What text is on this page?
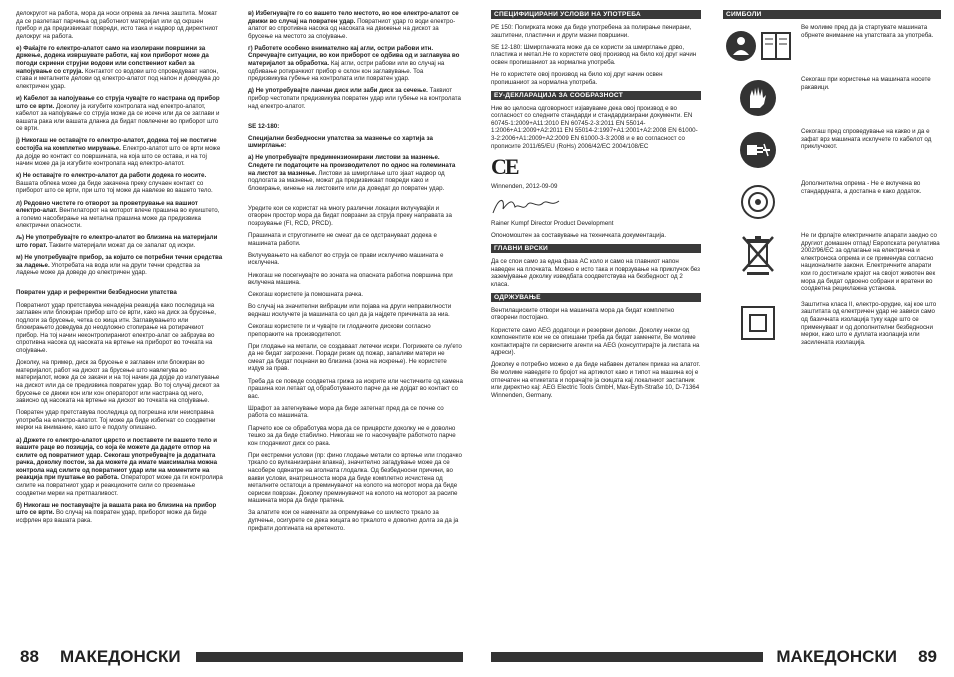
делокругот на работа, мора да носи опрема за лична заштита. Можат да се разлетаат парчиња од работниот материјал или од скршен прибор и да предизвикаат повреди, исто така и надвор од директниот делокруг на работа.

e) Фаќајте го електро-алатот само на изолирани површини за држење, додека извршувате работи, кај кои приборот може да погоди скриени струјни водови или сопствениот кабел за напојување со струја. Контактот со водови што спроведуваат напон, ставa и металните делови од електро-алатот под напон и доведува до електричен удар.

и) Кабелот за напојување со струја чувајте го настрана од прибор што се врти. Доколку ја изгубите контролата над електро-алатот, кабелот за напојување со струја може да се исече или да се заглави и вашата рака или вашата дланка да бидат повлечени во приборот што се врти.

ј) Никогаш не оставајте го електро-алатот, додека тој не постигне состојба на комплетно мирување. Електро-алатот што се врти може да дојде во контакт со површината, на која што се оставa, и на тој начин може да ја изгубите контролата над електро-алатот.

к) Не оставајте го електро-алатот да работи додека го носите. Вашата облека може да биде закачена преку случаен контакт со приборот што се врти, при што тој може да навлезе во вашето тело.

л) Редовно чистете го отворот за проветрување на вашиот електро-алат. Вентилаторот на моторот влече прашина во кукиштето, а големо насобирање на метална прашина може да предизвика електрични опасности.

љ) Не употребувајте го електро-алатот во близина на материјали што горат. Таквите материјали можат да се запалат од искри.

м) Не употребувајте прибор, за којшто се потребни течни средства за ладење. Употребата на вода или на други течни средства за ладење може да доведе до електричен удар.

Повратен удар и референтни безбедносни упатства

Повратниот удар претставува ненадејна реакција како последица на заглавен или блокиран прибор што се врти, како на диск за брусење, подлоги за брусење, четка со жица итн. Заглавувањето или блокирањето доведува до неодложно стопирање на ротирачкиот прибор. На тој начин неконтролираниот електро-алат се забрзува во спротивна насока од насоката на вртење на приборот во точката на спојување.

Доколку, на пример, диск за брусење е заглавен или блокиран во материјалот, работ на дискот за брусење што навлегува во материјалот, може да се закачи и на тој начин да дојде до излетување на дискот или да се предизвика повратен удар. Во тој случај дискот за брусење се движи кон или кон операторот или настрана од него, зависно од насоката на вртење на дискот во точката на спојување.

Повратен удар претставува последица од погрешна или неисправна употреба на електро-алатот. Тој може да биде избегнат со соодветни мерки на внимание, како што е подолу опишано.

а) Држете го електро-алатот цврсто и поставете ги вашето тело и вашите раце во позиција, со која ќе можете да дадете отпор на силите од повратниот удар. Секогаш употребувајте ја додатната рачка, доколку постои, за да можете да имате максимална можна контрола над силите од повратниот удар или на моментите на реакција при пуштање во работа. Операторот може да ги контролира силите на повратниот удар и реакционите сили со преземање соодветни мерки на претпазливост.

б) Никогаш не поставувајте ја вашата рака во близина на прибор што се врти. Во случај на повратен удар, приборот може да биде исфрлен врз вашата рака.

в) Избегнувајте го со вашето тело местото, во кое електро-алатот се движи во случај на повратен удар. Повратниот удар го води електро-алатот во спротивна насока од насоката на движење на дискот за брусење на местото за спојување.

г) Работете особено внимателно кај агли, остри рабови итн. Спречувајте ситуации, во кои приборот се одбива од и заглавува во материјалот за обработка. Кај агли, остри рабови или во случај на одбивање ротирачкиот прибор е склон кон заглавување. Тоа предизвикува губење на контролата или повратен удар.

д) Не употребувајте ланчан диск или заби диск за сечење. Таквиот прибор честопати предизвикува повратен удар или губење на контролата над електро-алатот.

SE 12-180:

Специјални безбедносни упатства за мазнење со хартија за шмирглање:

а) Не употребувајте предимензионирани листови за мазнење. Следете ги податоците на производителот по однос на големината на листот за мазнење. Листови за шмирглање што зјаат надвор од подлогата за мазнење, можат да предизвикаат повреди како и блокирање, кинење на листовите или да доведат до повратен удар.

Уредите кои се користат на многу различни локации вклучувајќи и отворен простор мора да бидат поврзани за струја преку направата за позрзување (FI, RCD, PRCD).

Прашината и струготините не смеат да се одстрануваат додека е машината работи.

Вклучувањето на кабелот во струја се прави исклучиво машината е исклучена.

Никогаш не посегнувајте во зоната на опасната работна површина при вклучена машина.

Секогаш користете ја помошната рачка.

Во случај на значителни вибрации или појава на други неправилности веднаш исклучете ја машината со цел да ја најдете причината за ниа.

Секогаш користете ги и чувајте ги глодачките дискови согласно препораките на производителот.

При глодање на метали, се создаваат летечки искри. Погрижете се луѓето да не бидат загрозени. Поради ризик од пожар, запаливи матери не смеат да бидат поцнани во близина (зона на искрење). Не користете издув за прав.

Треба да се поведе соодветна грижа за искрите или честичките од камена прашина кои летаат од обработуваното парче да не дојдат во контакт со вас.

Шрафот за затегнување мора да биде затегнат пред да се почне со работа со машината.

Парчето кое се обработува мора да се прицврсти доколку не е доволно тешко за да биде стабилно. Никогаш не го насочувајте работното парче кон глодачкиот диск со рака.

При екстремни услови (пр: фино глодање метали со вртење или глодачко тркало со вулканизирани влакна), значително загадување може да се насобере одвнатре на аголната глодалка. Од безбедносни причини, во вакви услови, внатрешноста мора да биде комплетно исчистена од металните остатоци а преминувачот на колото на моторот мора да биде сериски поврзан. Доколку преминувачот на колото на моторот за расипе машината мора да биде пратена.

За алатите кои се наменати за опремување со шилесто тркало за дупчење, осигурете се дека жицата во тркалото е доволно долга за да ја прифати долгината на вретеното.

СПЕЦИФИЦИРАНИ УСЛОВИ НА УПОТРЕБА

PE 150: Полирката може да биде употребена за полирање пенирани, заштитени, пластични и други мазни површини.

SE 12-180: Шмирглaчката може да се користи за шмирглање дрво, пластика и метал.Не го користете овој производ на било кој друг начин освен пропишаниот за нормална употреба.

Не го користете овој производ на било кој друг начин освен пропишаниот за нормална употреба.

ЕУ-ДЕКЛАРАЦИЈА ЗА СООБРАЗНОСТ

Ние во целосна одговорност изјавуваме дека овој производ е во согласност со следните стандарди и стандардизирани документи. EN 60745-1:2009+A11:2010 EN 60745-2-3:2011 EN 55014-1:2006+A1:2009+A2:2011 EN 55014-2:1997+A1:2001+A2:2008 EN 61000-3-2:2006+A1:2009+A2:2009 EN 61000-3-3:2008 и е во согласност со прописите 2011/65/EU (RoHs) 2006/42/EC 2004/108/EC

CE

Winnenden, 2012-09-09

Rainer Kumpf Director Product Development

Опономоштен за составување на техничката документација.

ГЛАВНИ ВРСКИ

Да се спои само за една фаза AC коло и само на главниот напон наведен на плочката. Можно е исто така и поврзување на приклучок без заземјување доколку изведбата соодветствува на безбедност од 2 класа.

ОДРЖУВАЊЕ

Вентилациските отвори на машината мора да бидат комплетно отворени постојано.

Користете само AEG додатоци и резервни делови. Доколку некои од компонентите кои не се опишани треба да бидат заменети, Ве молиме контактирајте ги сервисните агенти на AEG (консултирајте ја листата на адреси).

Доколку е потребно можно е да биде набавен детален приказ на алатот. Ве молиме наведете го бројот на артиклот како и типот на машина кој е отпечатен на етикетата и порачајте ја скицата кај локалниот застапник или директно кај: AEG Electric Tools GmbH, Max-Eyth-Straße 10, D-71364 Winnenden, Germany.

СИМБОЛИ
Ве молиме пред да ја стартувате машината обрнете внимание на упатствата за употреба.
Секогаш при користење на машината носете ракавици.
Секогаш пред спроведување на какво и да е зафат врз машината исклучете го кабелот од приклучокот.
Дополнителна опрема - Не е вклучена во стандардната, а достапна е како додаток.
Не ги фрлајте електричните апарати заедно со другиот домашен отпад! Европската регулатива 2002/96/EC за одлагање на електрична и електронска опрема и се применува согласно националните закони. Електричните апарати кои го достигнале крајот на својот животен век мора да бидат одвоено собрани и вратени во соодветна рециклажна установа.
Заштитна класа II, електро-орудие, кај кое што заштитата од електричен удар не зависи само од базичната изолација туку каде што се применуваат и од дополнителни безбедносни мерки, како што е дуплата изолација или засилената изолација.
88 МАКЕДОНСКИ	МАКЕДОНСКИ 89
